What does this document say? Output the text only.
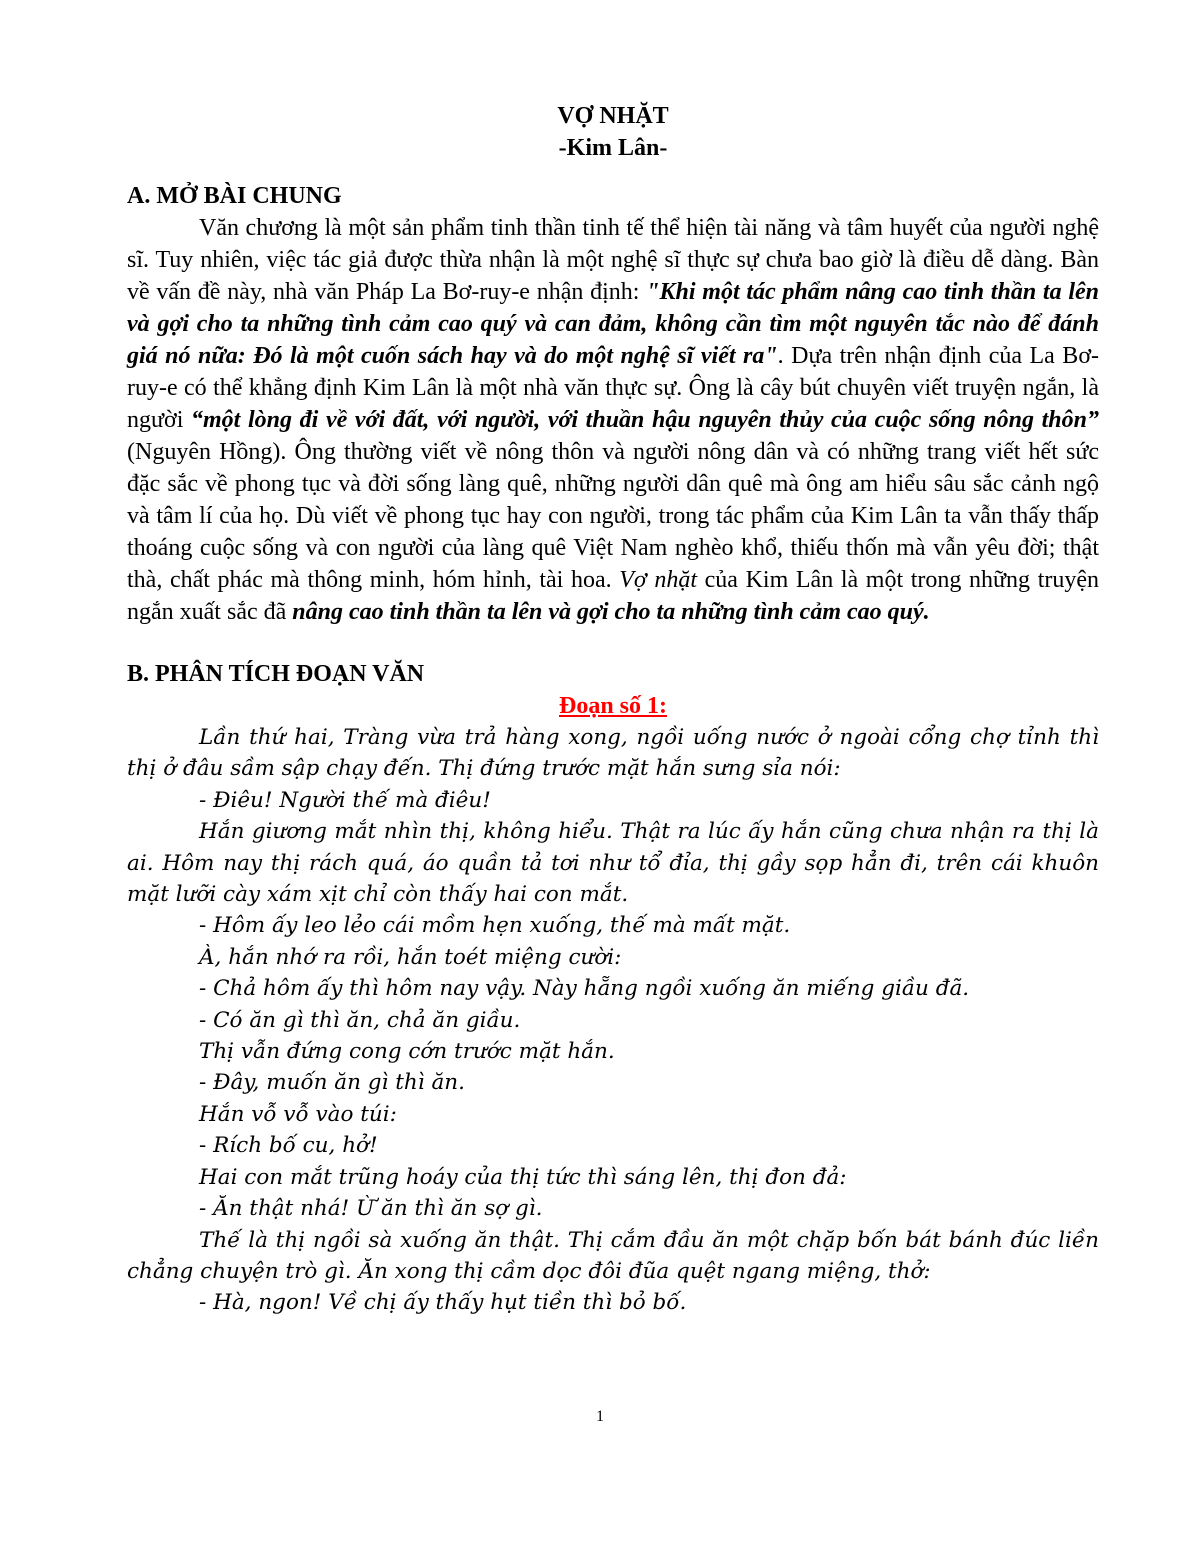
VỢ NHẶT

-Kim Lân-

A. MỞ BÀI CHUNG

Văn chương là một sản phẩm tinh thần tinh tế thể hiện tài năng và tâm huyết của người nghệ sĩ. Tuy nhiên, việc tác giả được thừa nhận là một nghệ sĩ thực sự chưa bao giờ là điều dễ dàng. Bàn về vấn đề này, nhà văn Pháp La Bơ-ruy-e nhận định: "Khi một tác phẩm nâng cao tinh thần ta lên và gợi cho ta những tình cảm cao quý và can đảm, không cần tìm một nguyên tắc nào để đánh giá nó nữa: Đó là một cuốn sách hay và do một nghệ sĩ viết ra". Dựa trên nhận định của La Bơ-ruy-e có thể khẳng định Kim Lân là một nhà văn thực sự. Ông là cây bút chuyên viết truyện ngắn, là người “một lòng đi về với đất, với người, với thuần hậu nguyên thủy của cuộc sống nông thôn” (Nguyên Hồng). Ông thường viết về nông thôn và người nông dân và có những trang viết hết sức đặc sắc về phong tục và đời sống làng quê, những người dân quê mà ông am hiểu sâu sắc cảnh ngộ và tâm lí của họ. Dù viết về phong tục hay con người, trong tác phẩm của Kim Lân ta vẫn thấy thấp thoáng cuộc sống và con người của làng quê Việt Nam nghèo khổ, thiếu thốn mà vẫn yêu đời; thật thà, chất phác mà thông minh, hóm hỉnh, tài hoa. Vợ nhặt của Kim Lân là một trong những truyện ngắn xuất sắc đã nâng cao tinh thần ta lên và gợi cho ta những tình cảm cao quý.

B. PHÂN TÍCH ĐOẠN VĂN

Đoạn số 1:

Lần thứ hai, Tràng vừa trả hàng xong, ngồi uống nước ở ngoài cổng chợ tỉnh thì thị ở đâu sầm sập chạy đến. Thị đứng trước mặt hắn sưng sỉa nói:

- Điêu! Người thế mà điêu!

Hắn giương mắt nhìn thị, không hiểu. Thật ra lúc ấy hắn cũng chưa nhận ra thị là ai. Hôm nay thị rách quá, áo quần tả tơi như tổ đỉa, thị gầy sọp hẳn đi, trên cái khuôn mặt lưỡi cày xám xịt chỉ còn thấy hai con mắt.

- Hôm ấy leo lẻo cái mồm hẹn xuống, thế mà mất mặt.

À, hắn nhớ ra rồi, hắn toét miệng cười:

- Chả hôm ấy thì hôm nay vậy. Này hẵng ngồi xuống ăn miếng giầu đã.

- Có ăn gì thì ăn, chả ăn giầu.

Thị vẫn đứng cong cớn trước mặt hắn.

- Đây, muốn ăn gì thì ăn.

Hắn vỗ vỗ vào túi:

- Rích bố cu, hở!

Hai con mắt trũng hoáy của thị tức thì sáng lên, thị đon đả:

- Ăn thật nhá! Ừ ăn thì ăn sợ gì.

Thế là thị ngồi sà xuống ăn thật. Thị cắm đầu ăn một chặp bốn bát bánh đúc liền chẳng chuyện trò gì. Ăn xong thị cầm dọc đôi đũa quệt ngang miệng, thở:

- Hà, ngon! Về chị ấy thấy hụt tiền thì bỏ bố.

1
